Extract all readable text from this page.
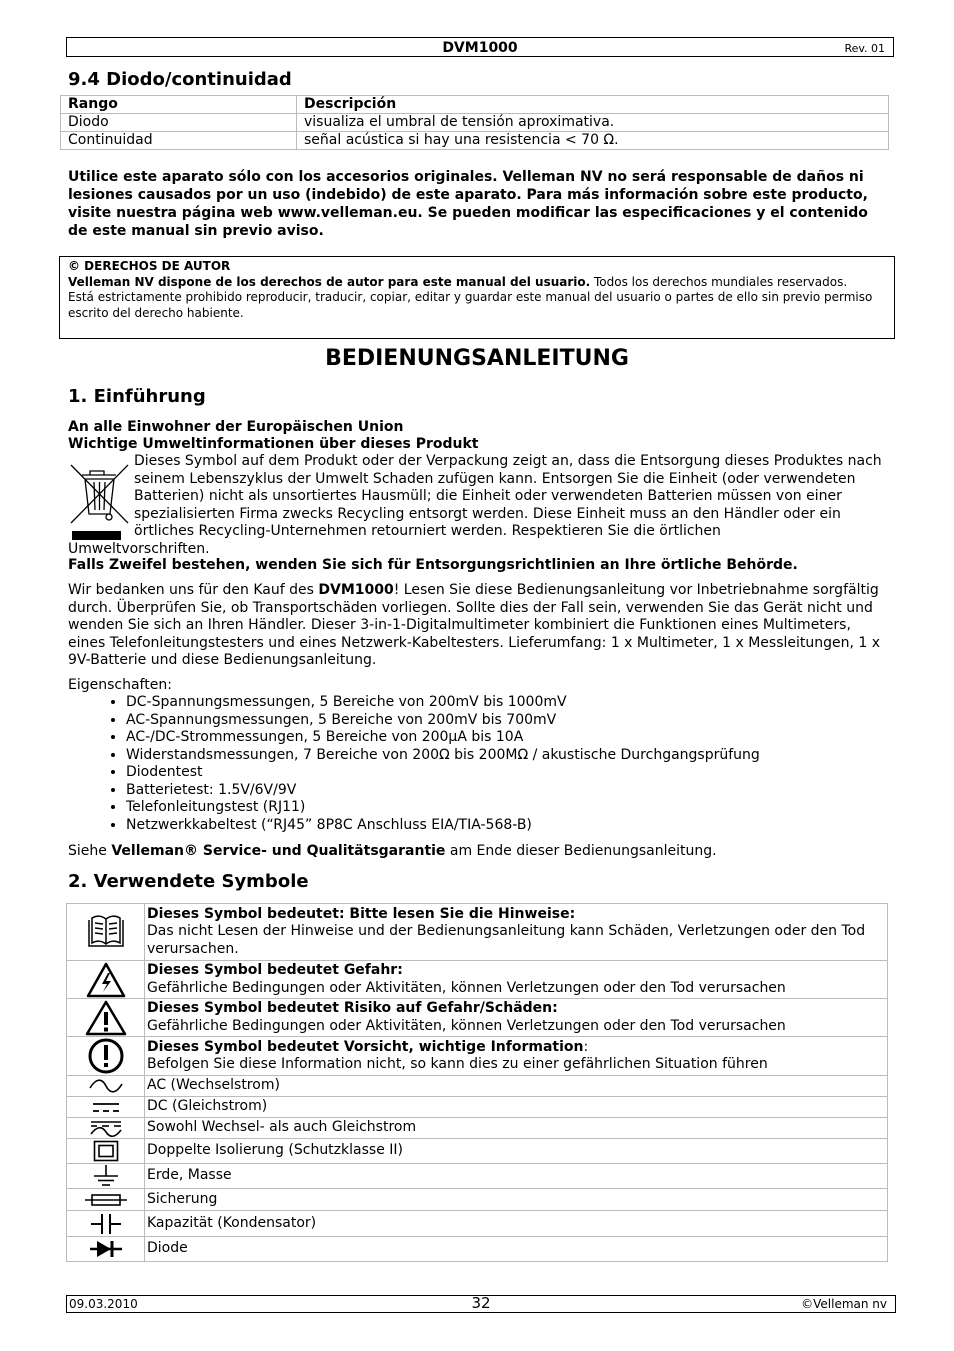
DVM1000	Rev. 01
9.4 Diodo/continuidad
Rango	Descripción
Diodo	visualiza el umbral de tensión aproximativa.
Continuidad	señal acústica si hay una resistencia < 70 Ω.
Utilice este aparato sólo con los accesorios originales. Velleman NV no será responsable de daños ni lesiones causados por un uso (indebido) de este aparato. Para más información sobre este producto, visite nuestra página web www.velleman.eu. Se pueden modificar las especificaciones y el contenido de este manual sin previo aviso.
© DERECHOS DE AUTOR
Velleman NV dispone de los derechos de autor para este manual del usuario. Todos los derechos mundiales reservados.
Está estrictamente prohibido reproducir, traducir, copiar, editar y guardar este manual del usuario o partes de ello sin previo permiso escrito del derecho habiente.
BEDIENUNGSANLEITUNG
1. Einführung
An alle Einwohner der Europäischen Union
Wichtige Umweltinformationen über dieses Produkt
Dieses Symbol auf dem Produkt oder der Verpackung zeigt an, dass die Entsorgung dieses Produktes nach seinem Lebenszyklus der Umwelt Schaden zufügen kann. Entsorgen Sie die Einheit (oder verwendeten Batterien) nicht als unsortiertes Hausmüll; die Einheit oder verwendeten Batterien müssen von einer spezialisierten Firma zwecks Recycling entsorgt werden. Diese Einheit muss an den Händler oder ein örtliches Recycling-Unternehmen retourniert werden. Respektieren Sie die örtlichen
Umweltvorschriften.
Falls Zweifel bestehen, wenden Sie sich für Entsorgungsrichtlinien an Ihre örtliche Behörde.
Wir bedanken uns für den Kauf des DVM1000! Lesen Sie diese Bedienungsanleitung vor Inbetriebnahme sorgfältig durch. Überprüfen Sie, ob Transportschäden vorliegen. Sollte dies der Fall sein, verwenden Sie das Gerät nicht und wenden Sie sich an Ihren Händler. Dieser 3-in-1-Digitalmultimeter kombiniert die Funktionen eines Multimeters, eines Telefonleitungstesters und eines Netzwerk-Kabeltesters. Lieferumfang: 1 x Multimeter, 1 x Messleitungen, 1 x 9V-Batterie und diese Bedienungsanleitung.
Eigenschaften:
• DC-Spannungsmessungen, 5 Bereiche von 200mV bis 1000mV
• AC-Spannungsmessungen, 5 Bereiche von 200mV bis 700mV
• AC-/DC-Strommessungen, 5 Bereiche von 200µA bis 10A
• Widerstandsmessungen, 7 Bereiche von 200Ω bis 200MΩ / akustische Durchgangsprüfung
• Diodentest
• Batterietest: 1.5V/6V/9V
• Telefonleitungstest (RJ11)
• Netzwerkkabeltest (“RJ45” 8P8C Anschluss EIA/TIA-568-B)
Siehe Velleman® Service- und Qualitätsgarantie am Ende dieser Bedienungsanleitung.
2. Verwendete Symbole
	Dieses Symbol bedeutet: Bitte lesen Sie die Hinweise:
Das nicht Lesen der Hinweise und der Bedienungsanleitung kann Schäden, Verletzungen oder den Tod verursachen.

	Dieses Symbol bedeutet Gefahr:
Gefährliche Bedingungen oder Aktivitäten, können Verletzungen oder den Tod verursachen

	Dieses Symbol bedeutet Risiko auf Gefahr/Schäden:
Gefährliche Bedingungen oder Aktivitäten, können Verletzungen oder den Tod verursachen

	Dieses Symbol bedeutet Vorsicht, wichtige Information:
Befolgen Sie diese Information nicht, so kann dies zu einer gefährlichen Situation führen

	AC (Wechselstrom)

	DC (Gleichstrom)

	Sowohl Wechsel- als auch Gleichstrom

	Doppelte Isolierung (Schutzklasse II)

	Erde, Masse

	Sicherung

	Kapazität (Kondensator)

	Diode
09.03.2010	32	©Velleman nv
